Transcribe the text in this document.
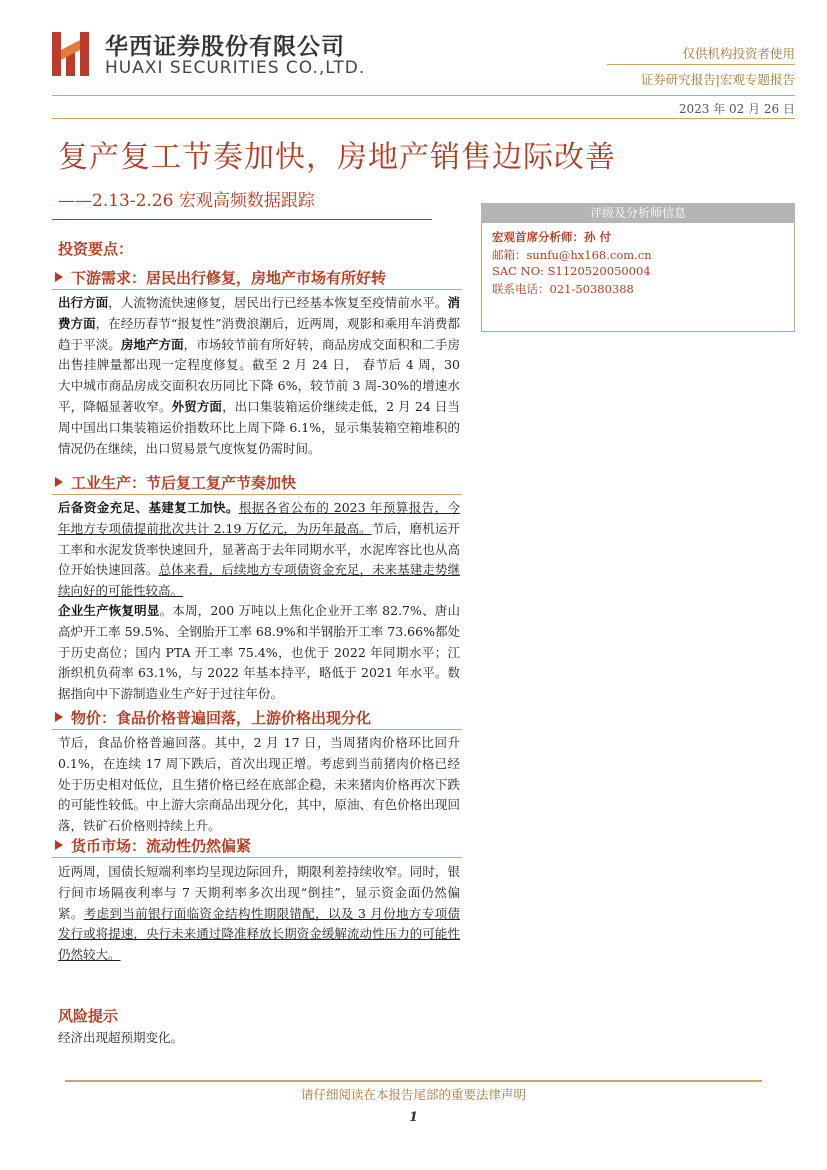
华西证券股份有限公司
HUAXI SECURITIES CO.,LTD.
仅供机构投资者使用
证券研究报告|宏观专题报告
2023 年 02 月 26 日
复产复工节奏加快，房地产销售边际改善
——2.13-2.26 宏观高频数据跟踪
评级及分析师信息
宏观首席分析师：孙 付
邮箱：sunfu@hx168.com.cn
SAC NO: S1120520050004
联系电话：021-50380388
投资要点：
下游需求：居民出行修复，房地产市场有所好转
出行方面，人流物流快速修复，居民出行已经基本恢复至疫情前水平。消费方面，在经历春节“报复性”消费浪潮后，近两周，观影和乘用车消费都趋于平淡。房地产方面，市场较节前有所好转，商品房成交面积和二手房出售挂牌量都出现一定程度修复。截至 2 月 24 日， 春节后 4 周，30 大中城市商品房成交面积农历同比下降 6%，较节前 3 周-30%的增速水平，降幅显著收窄。外贸方面，出口集装箱运价继续走低，2 月 24 日当周中国出口集装箱运价指数环比上周下降 6.1%，显示集装箱空箱堆积的情况仍在继续，出口贸易景气度恢复仍需时间。
工业生产：节后复工复产节奏加快
后备资金充足、基建复工加快。根据各省公布的 2023 年预算报告，今年地方专项债提前批次共计 2.19 万亿元，为历年最高。节后，磨机运开工率和水泥发货率快速回升，显著高于去年同期水平，水泥库容比也从高位开始快速回落。总体来看，后续地方专项债资金充足，未来基建走势继续向好的可能性较高。
企业生产恢复明显。本周，200 万吨以上焦化企业开工率 82.7%、唐山高炉开工率 59.5%、全钢胎开工率 68.9%和半钢胎开工率 73.66%都处于历史高位；国内 PTA 开工率 75.4%，也优于 2022 年同期水平；江浙织机负荷率 63.1%，与 2022 年基本持平，略低于 2021 年水平。数据指向中下游制造业生产好于过往年份。
物价：食品价格普遍回落，上游价格出现分化
节后，食品价格普遍回落。其中，2 月 17 日，当周猪肉价格环比回升 0.1%，在连续 17 周下跌后，首次出现正增。考虑到当前猪肉价格已经处于历史相对低位，且生猪价格已经在底部企稳，未来猪肉价格再次下跌的可能性较低。中上游大宗商品出现分化，其中，原油、有色价格出现回落，铁矿石价格则持续上升。
货币市场：流动性仍然偏紧
近两周，国债长短端利率均呈现边际回升，期限利差持续收窄。同时，银行间市场隔夜利率与 7 天期利率多次出现“倒挂”，显示资金面仍然偏紧。考虑到当前银行面临资金结构性期限错配，以及 3 月份地方专项债发行或将提速，央行未来通过降准释放长期资金缓解流动性压力的可能性仍然较大。
风险提示
经济出现超预期变化。
请仔细阅读在本报告尾部的重要法律声明
1
